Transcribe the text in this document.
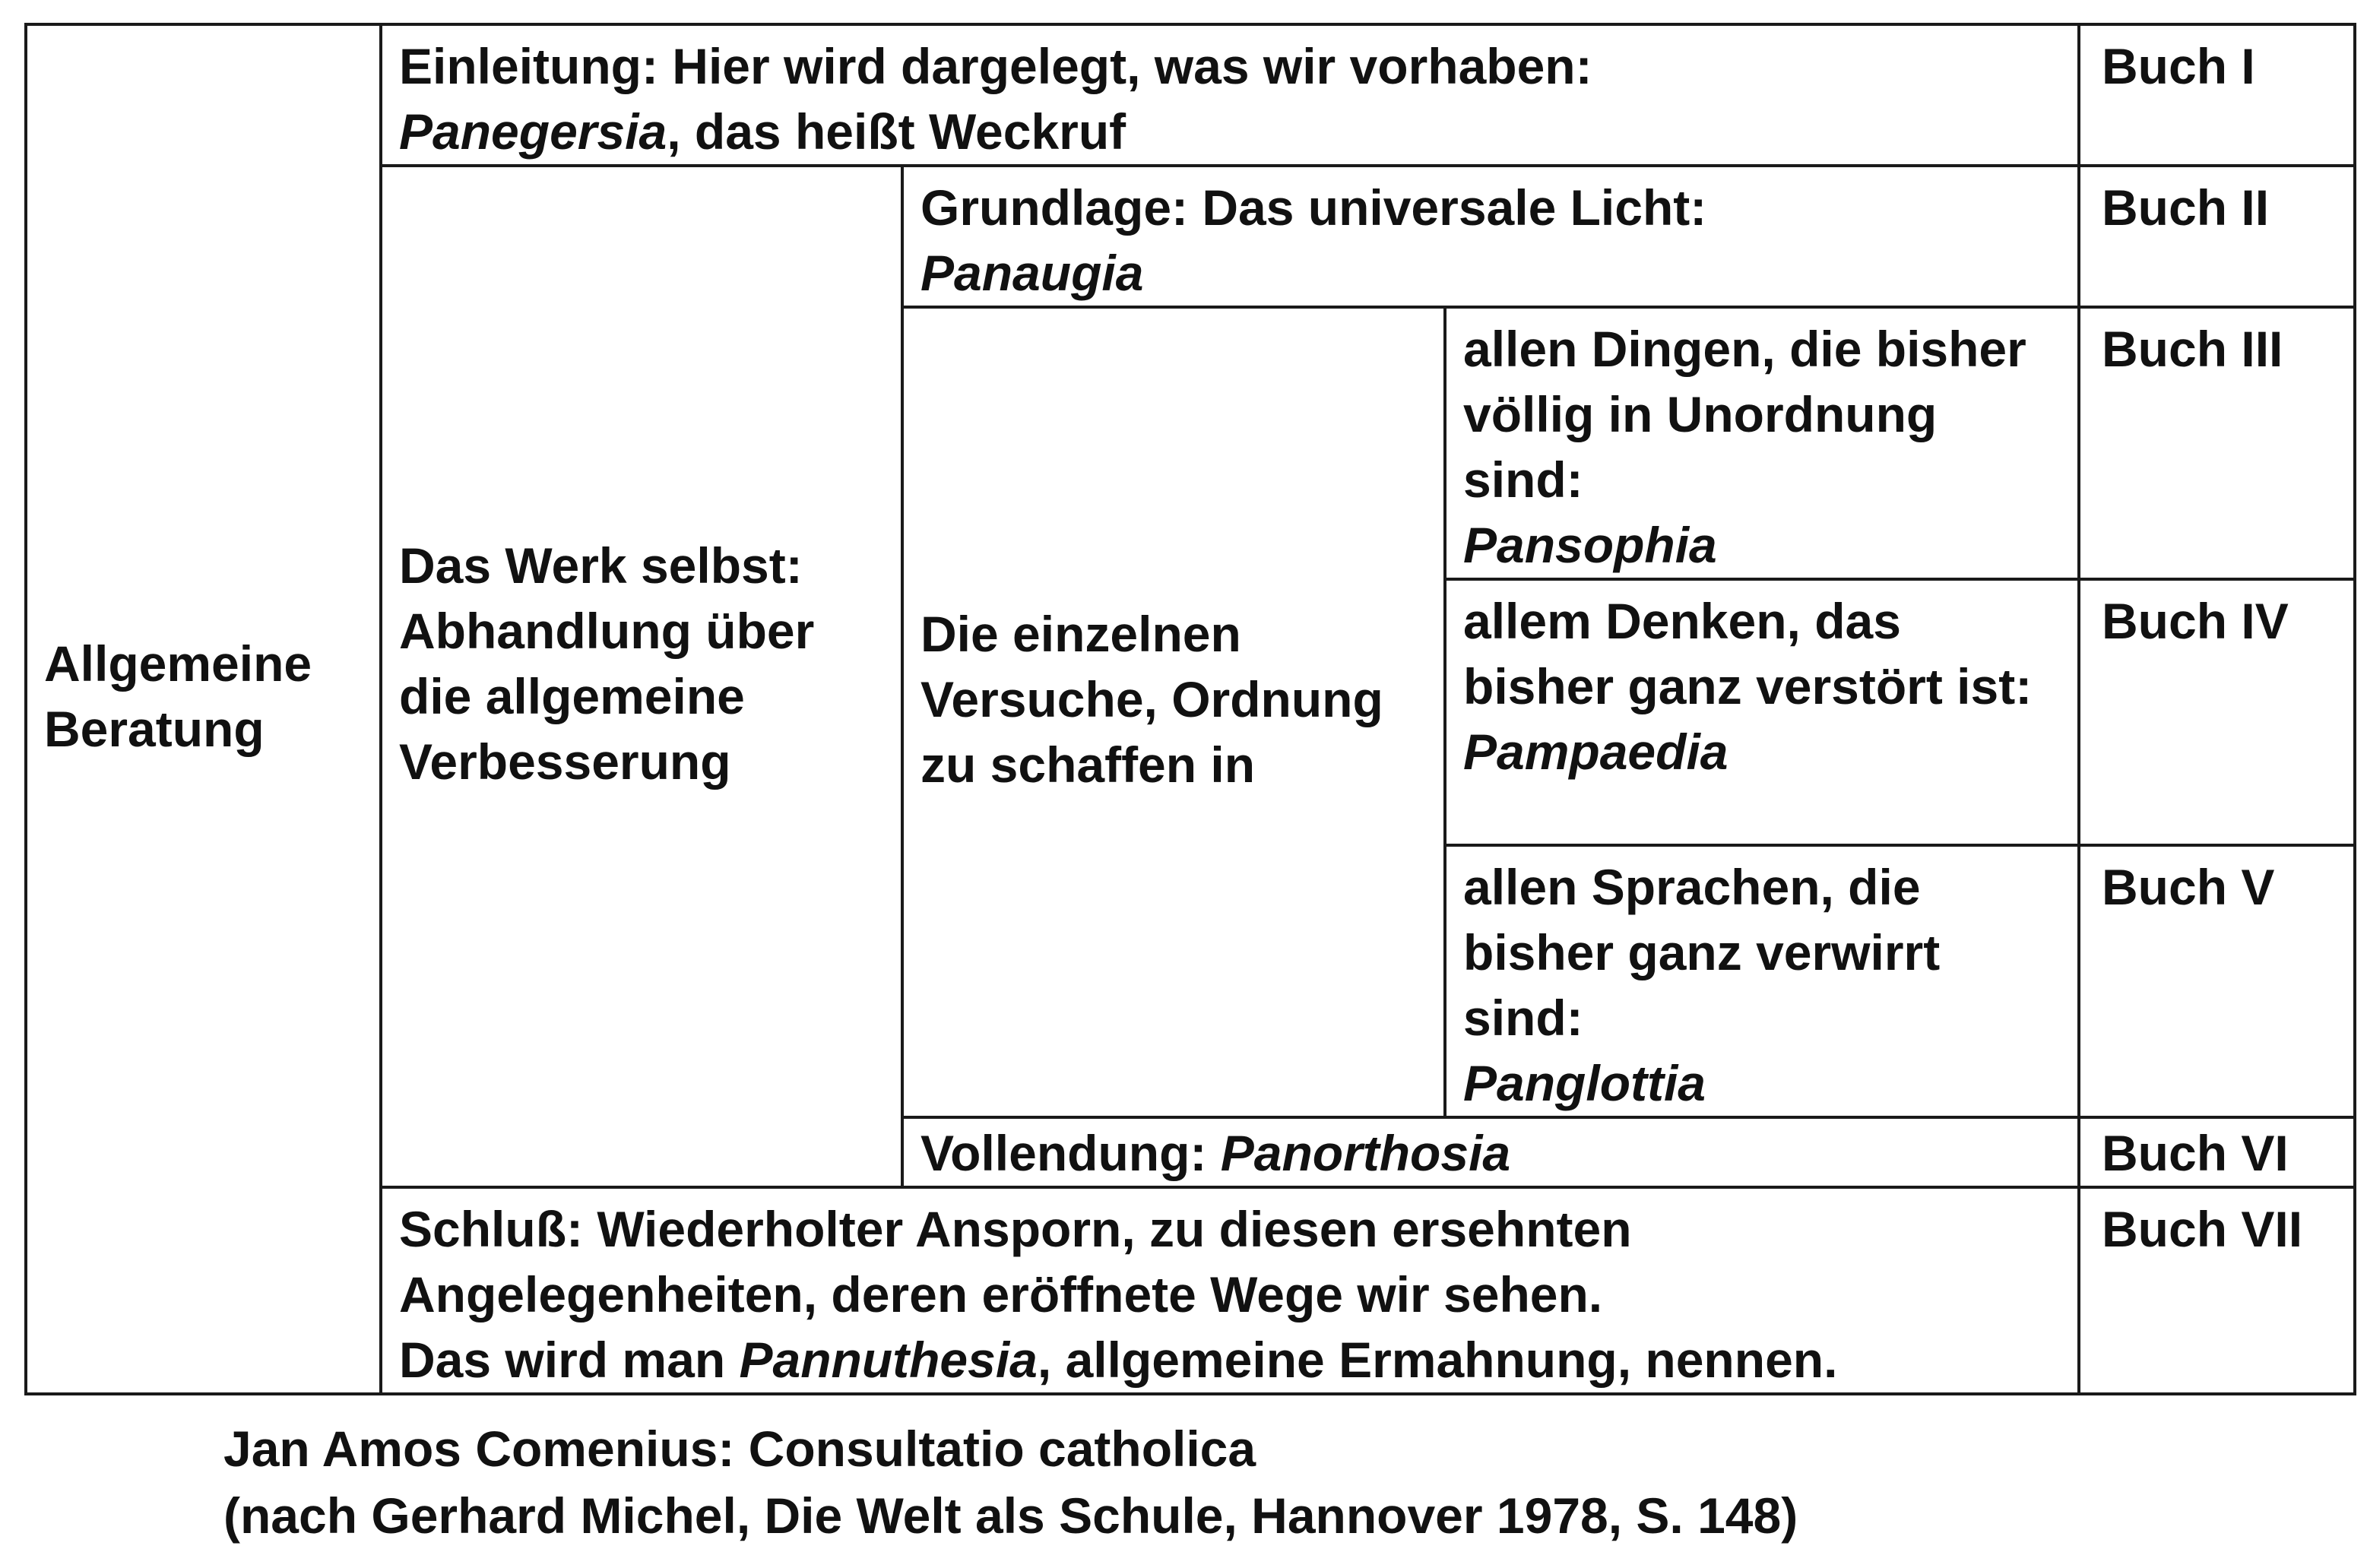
Allgemeine Beratung	Einleitung: Hier wird dargelegt, was wir vorhaben:
Panegersia, das heißt Weckruf			Buch I
	Das Werk selbst: Abhandlung über die allgemeine Verbesserung	Grundlage: Das universale Licht:
Panaugia		Buch II
		Die einzelnen Versuche, Ordnung zu schaffen in	allen Dingen, die bisher völlig in Unordnung sind:
Pansophia	Buch III
			allem Denken, das bisher ganz verstört ist:
Pampaedia	Buch IV
			allen Sprachen, die bisher ganz verwirrt sind:
Panglottia	Buch V
		Vollendung: Panorthosia		Buch VI

	Schluß: Wiederholter Ansporn, zu diesen ersehnten
Angelegenheiten, deren eröffnete Wege wir sehen.
Das wird man Pannuthesia, allgemeine Ermahnung, nennen.			Buch VII
Jan Amos Comenius: Consultatio catholica
(nach Gerhard Michel, Die Welt als Schule, Hannover 1978, S. 148)
